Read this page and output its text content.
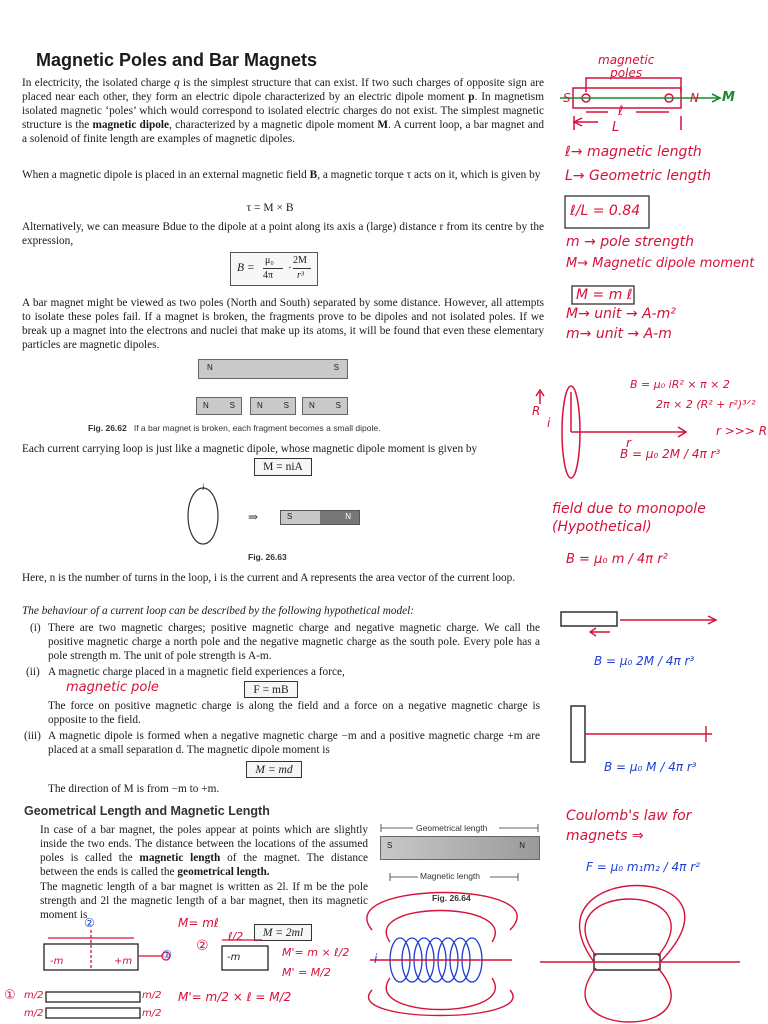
Magnetic Poles and Bar Magnets
In electricity, the isolated charge q is the simplest structure that can exist. If two such charges of opposite sign are placed near each other, they form an electric dipole characterized by an electric dipole moment p. In magnetism isolated magnetic ‘poles’ which would correspond to isolated electric charges do not exist. The simplest magnetic structure is the magnetic dipole, characterized by a magnetic dipole moment M. A current loop, a bar magnet and a solenoid of finite length are examples of magnetic dipoles.
When a magnetic dipole is placed in an external magnetic field B, a magnetic torque τ acts on it, which is given by
τ = M × B
Alternatively, we can measure Bdue to the dipole at a point along its axis a (large) distance r from its centre by the expression,
B =
μ₀
4π
·
2M
r³
A bar magnet might be viewed as two poles (North and South) separated by some distance. However, all attempts to isolate these poles fail. If a magnet is broken, the fragments prove to be dipoles and not isolated poles. If we break up a magnet into the electrons and nuclei that make up its atoms, it will be found that even these elementary particles are magnetic dipoles.
N	S
N	S	N	S	N	S
Fig. 26.62 If a bar magnet is broken, each fragment becomes a small dipole.
Each current carrying loop is just like a magnetic dipole, whose magnetic dipole moment is given by
M = niA
i
⇒	S	N
Fig. 26.63
Here, n is the number of turns in the loop, i is the current and A represents the area vector of the current loop.
The behaviour of a current loop can be described by the following hypothetical model:
(i) There are two magnetic charges; positive magnetic charge and negative magnetic charge. We call the positive magnetic charge a north pole and the negative magnetic charge as the south pole. Every pole has a pole strength m. The unit of pole strength is A-m.
(ii) A magnetic charge placed in a magnetic field experiences a force,
F = mB
The force on positive magnetic charge is along the field and a force on a negative magnetic charge is opposite to the field.
(iii) A magnetic dipole is formed when a negative magnetic charge −m and a positive magnetic charge +m are placed at a small separation d. The magnetic dipole moment is
M = md
The direction of M is from −m to +m.
Geometrical Length and Magnetic Length
In case of a bar magnet, the poles appear at points which are slightly inside the two ends. The distance between the locations of the assumed poles is called the magnetic length of the magnet. The distance between the ends is called the geometrical length.
The magnetic length of a bar magnet is written as 2l. If m be the pole strength and 2l the magnetic length of a bar magnet, then its magnetic moment is
M = 2ml
Geometrical length
S	N
Magnetic length
Fig. 26.64
magnetic
poles
S	N M
ℓ
L
ℓ→ magnetic length
L→ Geometric length
ℓ/L = 0.84
m → pole strength
M→ Magnetic dipole moment
M = m ℓ
M→ unit → A-m²
m→ unit → A-m
B = μ₀ iR² × π × 2
2π × 2 (R² + r²)³ᐟ²
r >>> R
B = μ₀ 2M / 4π r³
R
i
r
field due to monopole
(Hypothetical)
B = μ₀ m / 4π r²
B = μ₀ 2M / 4π r³
B = μ₀ M / 4π r³
Coulomb's law for
magnets ⇒
F = μ₀ m₁m₂ / 4π r²
magnetic pole
M= mℓ
②
①
②
ℓ/2
-m
-m	+m
M'= m × ℓ/2
M' = M/2
① m/2	m/2
m/2	m/2
M'= m/2 × ℓ = M/2
i
